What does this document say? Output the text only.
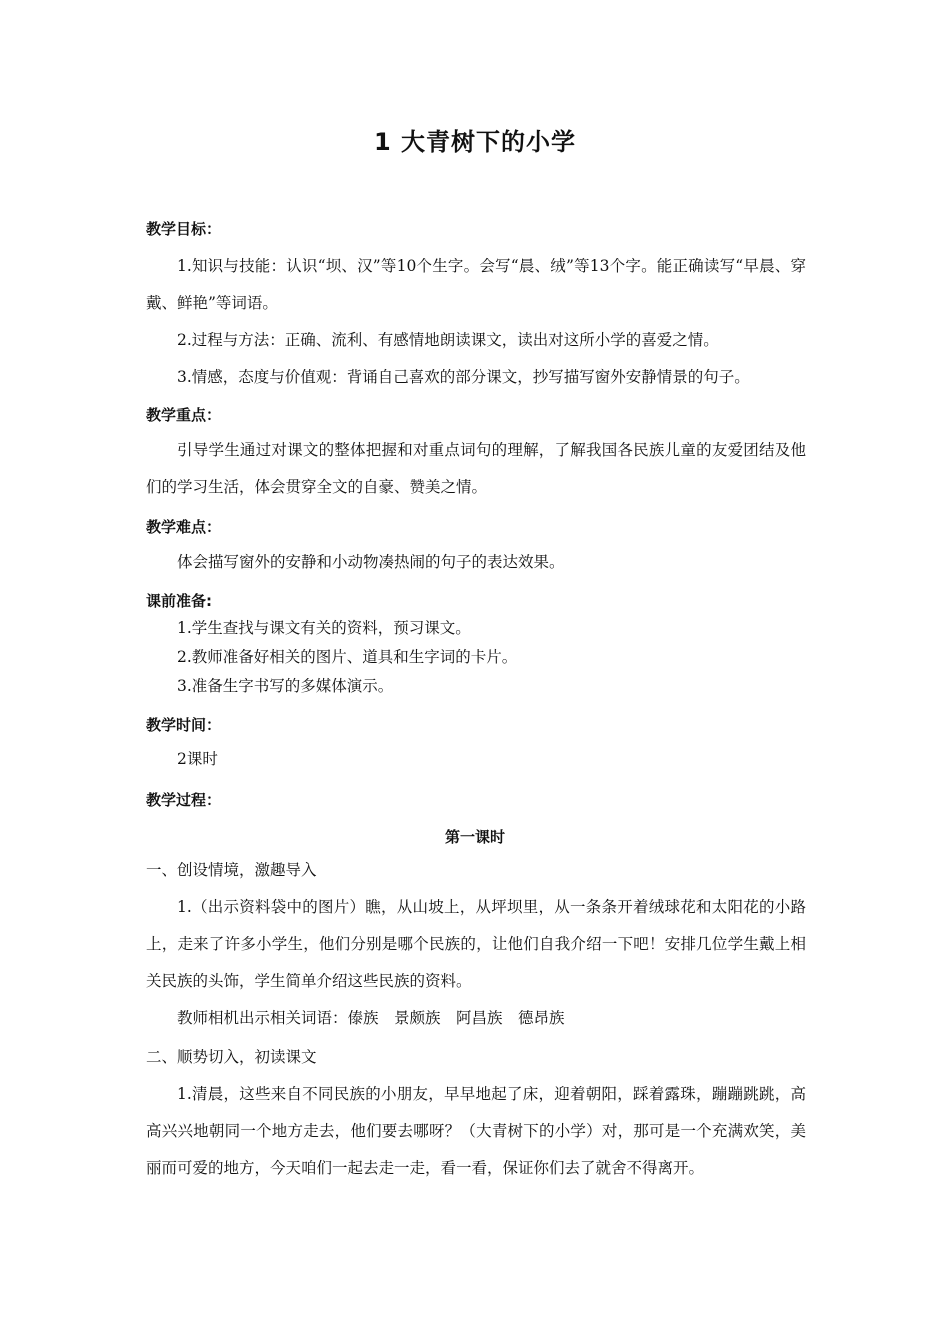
1 大青树下的小学
教学目标：
1.知识与技能：认识“坝、汉”等10个生字。会写“晨、绒”等13个字。能正确读写“早晨、穿戴、鲜艳”等词语。
2.过程与方法：正确、流利、有感情地朗读课文，读出对这所小学的喜爱之情。
3.情感，态度与价值观：背诵自己喜欢的部分课文，抄写描写窗外安静情景的句子。
教学重点：
引导学生通过对课文的整体把握和对重点词句的理解，了解我国各民族儿童的友爱团结及他们的学习生活，体会贯穿全文的自豪、赞美之情。
教学难点：
体会描写窗外的安静和小动物凑热闹的句子的表达效果。
课前准备:
1.学生查找与课文有关的资料，预习课文。
2.教师准备好相关的图片、道具和生字词的卡片。
3.准备生字书写的多媒体演示。
教学时间：
2课时
教学过程：
第一课时
一、创设情境，激趣导入
1.（出示资料袋中的图片）瞧，从山坡上，从坪坝里，从一条条开着绒球花和太阳花的小路上，走来了许多小学生，他们分别是哪个民族的，让他们自我介绍一下吧！安排几位学生戴上相关民族的头饰，学生简单介绍这些民族的资料。
教师相机出示相关词语：傣族　景颇族　阿昌族　德昂族
二、顺势切入，初读课文
1.清晨，这些来自不同民族的小朋友，早早地起了床，迎着朝阳，踩着露珠，蹦蹦跳跳，高高兴兴地朝同一个地方走去，他们要去哪呀？（大青树下的小学）对，那可是一个充满欢笑，美丽而可爱的地方，今天咱们一起去走一走，看一看，保证你们去了就舍不得离开。
